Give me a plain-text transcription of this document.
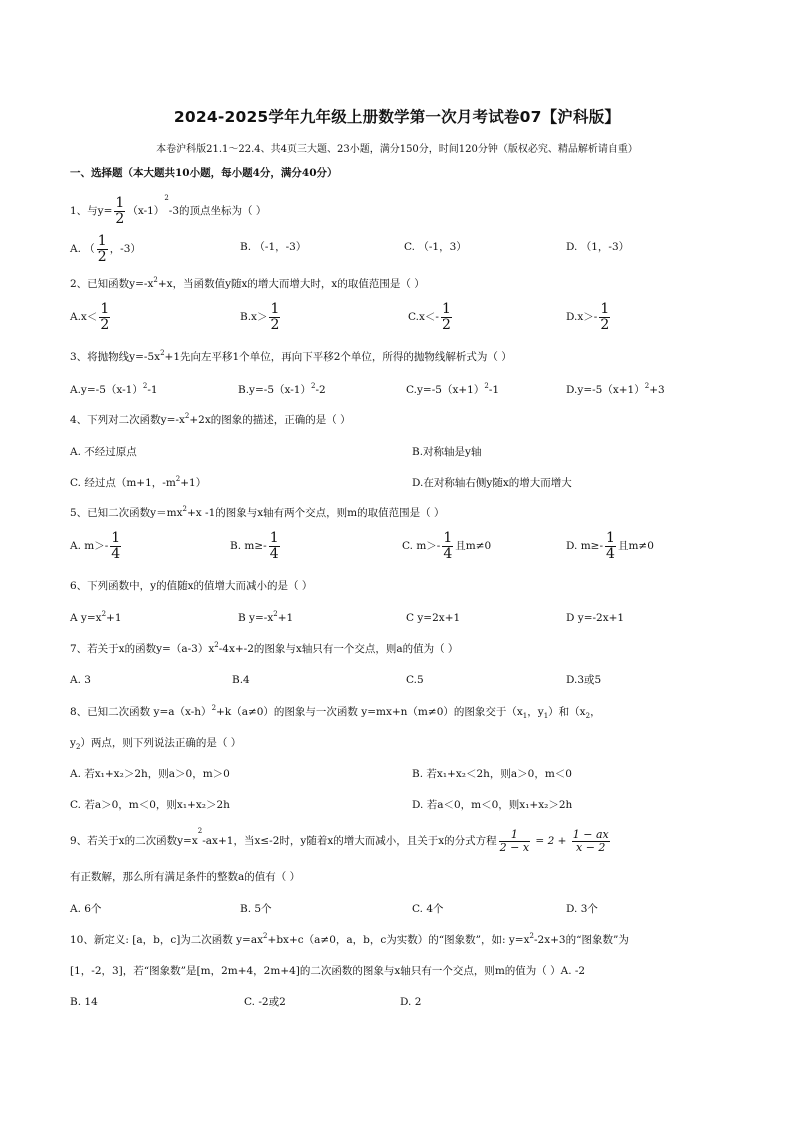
2024-2025学年九年级上册数学第一次月考试卷07【沪科版】
本卷沪科版21.1～22.4、共4页三大题、23小题，满分150分，时间120分钟（版权必究、精品解析请自重）
一、选择题（本大题共10小题，每小题4分，满分40分）
1、与$y= \frac{1}{2} (x-1)^2-3$的顶点坐标为（ ）
A. （ $\frac{1}{2}$ ，-3）	B. （-1，-3）	C. （-1，3）	D. （1，-3）
2、已知函数$y=-x^2+x$，当函数值y随x的增大而增大时，x的取值范围是（ ）
$A.x< \frac{1}{2}$	$B.x> \frac{1}{2}$	$C.x<- \frac{1}{2}$	$D.x>- \frac{1}{2}$
3、将抛物线$y=-5x^2+1$先向左平移1个单位，再向下平移2个单位，所得的抛物线解析式为（ ）
$A.y=-5(x-1)^2-1$	$B.y=-5(x-1)^2-2$	$C.y=-5(x+1)^2-1$	$D.y=-5(x+1)^2+3$
4、下列对二次函数$y=-x^2+2x$的图象的描述，正确的是（ ）
A. 不经过原点	B.对称轴是y轴
C. 经过点（m+1，$-m^2+1$）	D.在对称轴右侧y随x的增大而增大
5、已知二次函数$y=mx^2+x$ -1的图象与x轴有两个交点，则m的取值范围是（ ）
A. $m>- \frac{1}{4}$	B. $m\ge- \frac{1}{4}$	C. $m>- \frac{1}{4}$ 且m≠0	D. $m\ge- \frac{1}{4}$ 且m≠0
6、下列函数中，y的值随x的值增大而减小的是（ ）
A $y=x^2+1$	B $y=-x^2+1$	C y=2x+1	D y=-2x+1
7、若关于x的函数$y=(a-3)x^2-4x+-2$的图象与x轴只有一个交点，则a的值为（ ）
A. 3	B.4	C.5	D.3或5
8、已知二次函数 $y=a(x-h)^2+k(a\ne 0)$的图象与一次函数 y=mx+n（m≠0）的图象交于（$x_1$，$y_1$）和（$x_2$，
$y_2$）两点，则下列说法正确的是（ ）
A. 若x₁+x₂＞2h，则a＞0，m＞0	B. 若x₁+x₂＜2h，则a＞0，m＜0
C. 若a＞0，m＜0，则x₁+x₂＞2h	D. 若a＜0，m＜0，则x₁+x₂＞2h
9、若关于x的二次函数$y=x^2-ax+1$，当x≤-2时，y随着x的增大而减小，且关于x的分式方程 $\frac{1}{2 - x} = 2 + \frac{1 - ax}{x - 2}$
有正数解，那么所有满足条件的整数a的值有（ ）
A. 6个	B. 5个	C. 4个	D. 3个
10、新定义: [a，b，c]为二次函数 $y=ax^2+bx+c(a\ne 0$，a，b，c为实数）的“图象数”，如: $y=x^2-2x+3$的“图象数”为
[1，-2，3]，若“图象数”是[m，2m+4，2m+4]的二次函数的图象与x轴只有一个交点，则m的值为（ ）A. -2
B. 14	C. -2或2	D. 2
